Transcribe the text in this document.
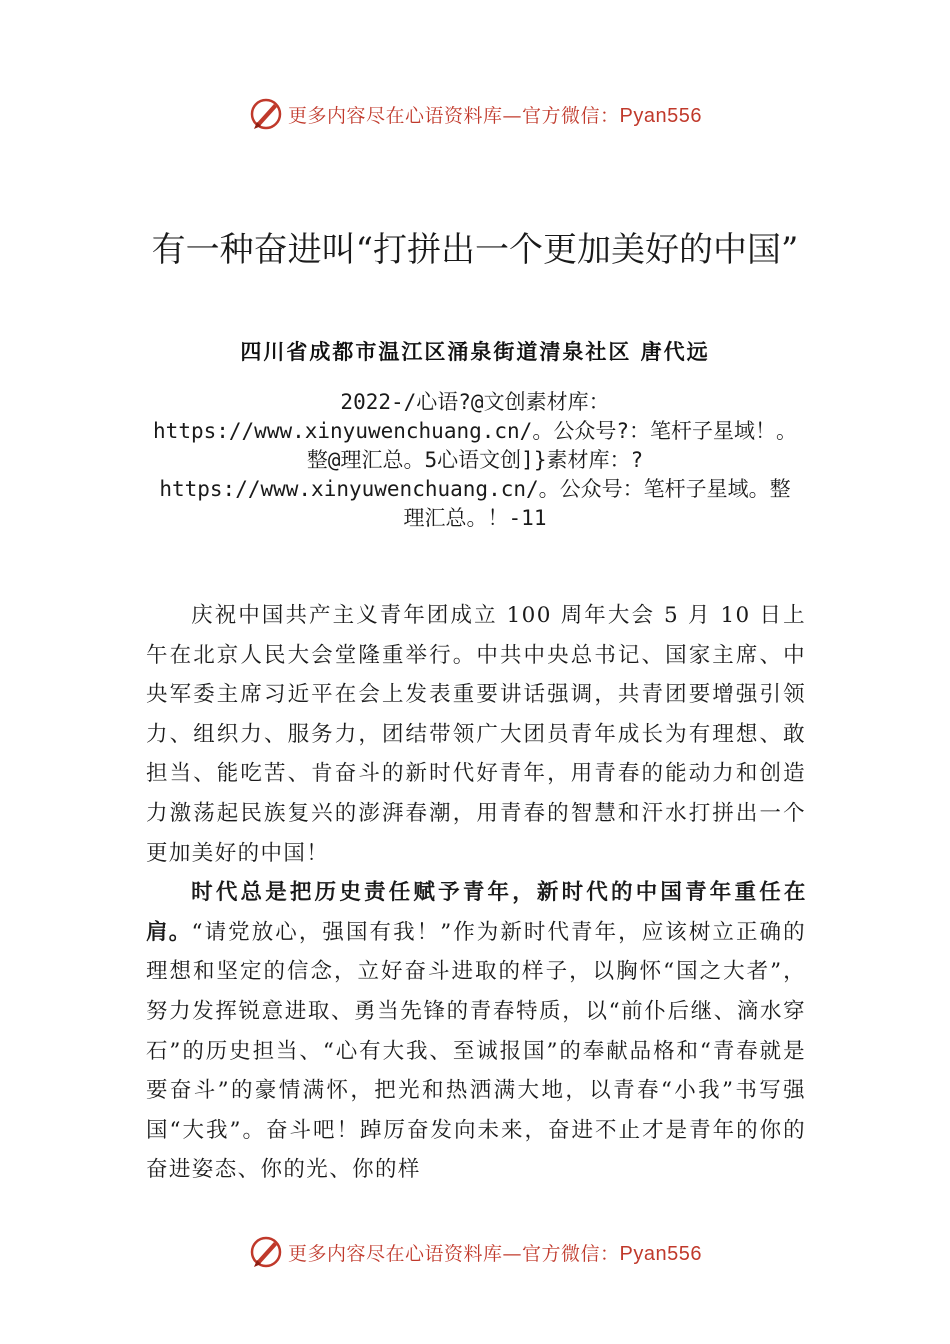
更多内容尽在心语资料库—官方微信：Pyan556
有一种奋进叫“打拼出一个更加美好的中国”
四川省成都市温江区涌泉街道清泉社区 唐代远
2022-/心语?@文创素材库：https://www.xinyuwenchuang.cn/。公众号?：笔杆子星域！。整@理汇总。5心语文创]}素材库：?https://www.xinyuwenchuang.cn/。公众号：笔杆子星域。整理汇总。！-11

庆祝中国共产主义青年团成立 100 周年大会 5 月 10 日上午在北京人民大会堂隆重举行。中共中央总书记、国家主席、中央军委主席习近平在会上发表重要讲话强调，共青团要增强引领力、组织力、服务力，团结带领广大团员青年成长为有理想、敢担当、能吃苦、肯奋斗的新时代好青年，用青春的能动力和创造力激荡起民族复兴的澎湃春潮，用青春的智慧和汗水打拼出一个更加美好的中国！

时代总是把历史责任赋予青年，新时代的中国青年重任在肩。“请党放心，强国有我！”作为新时代青年，应该树立正确的理想和坚定的信念，立好奋斗进取的样子，以胸怀“国之大者”，努力发挥锐意进取、勇当先锋的青春特质，以“前仆后继、滴水穿石”的历史担当、“心有大我、至诚报国”的奉献品格和“青春就是要奋斗”的豪情满怀，把光和热洒满大地，以青春“小我”书写强国“大我”。奋斗吧！踔厉奋发向未来，奋进不止才是青年的你的奋进姿态、你的光、你的样

更多内容尽在心语资料库—官方微信：Pyan556
